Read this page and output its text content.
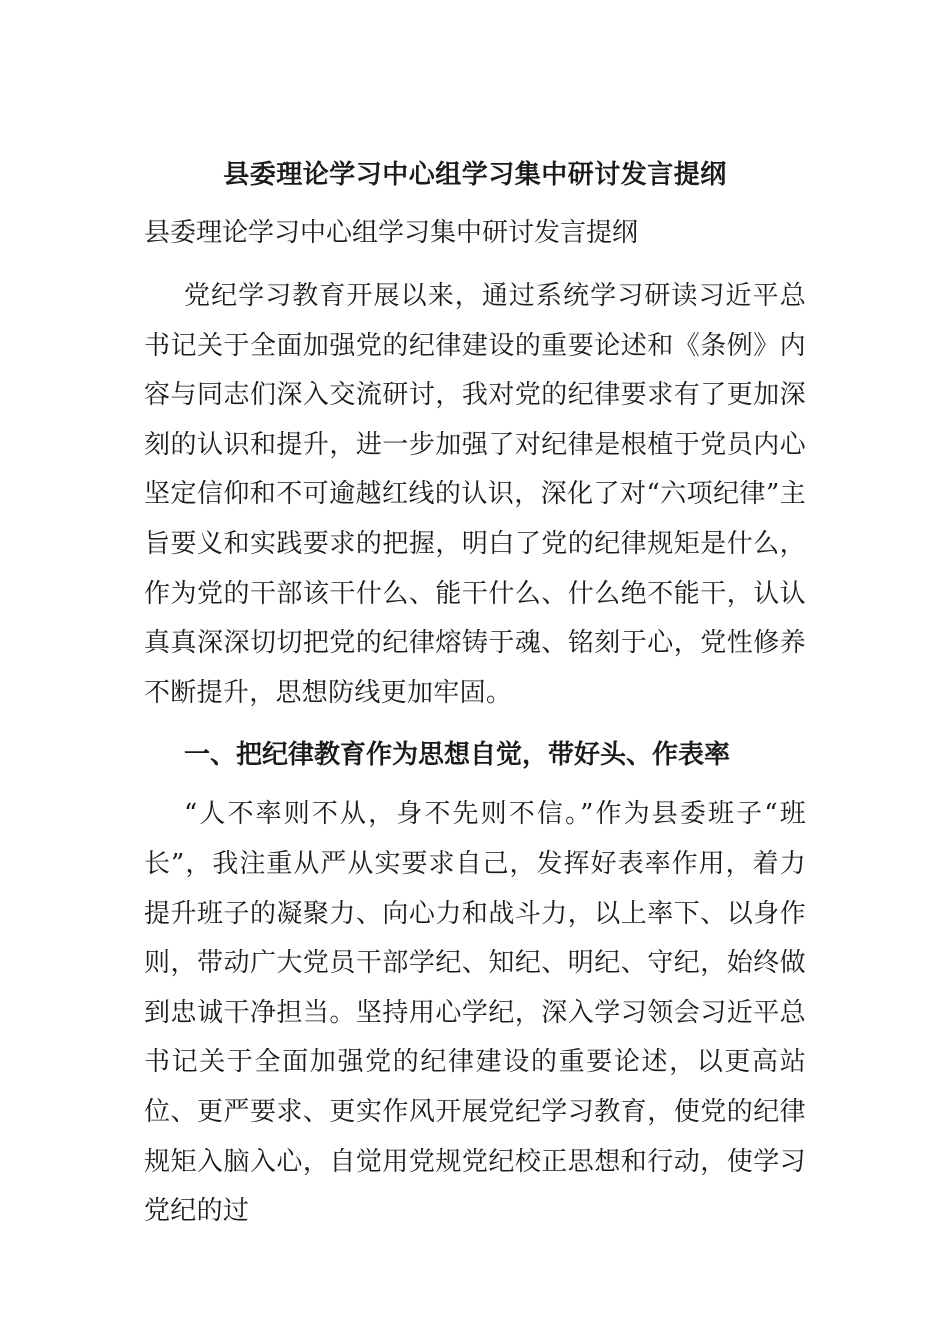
县委理论学习中心组学习集中研讨发言提纲
县委理论学习中心组学习集中研讨发言提纲

党纪学习教育开展以来，通过系统学习研读习近平总书记关于全面加强党的纪律建设的重要论述和《条例》内容与同志们深入交流研讨，我对党的纪律要求有了更加深刻的认识和提升，进一步加强了对纪律是根植于党员内心坚定信仰和不可逾越红线的认识，深化了对“六项纪律”主旨要义和实践要求的把握，明白了党的纪律规矩是什么，作为党的干部该干什么、能干什么、什么绝不能干，认认真真深深切切把党的纪律熔铸于魂、铭刻于心，党性修养不断提升，思想防线更加牢固。

一、把纪律教育作为思想自觉，带好头、作表率

“人不率则不从，身不先则不信。”作为县委班子“班长”，我注重从严从实要求自己，发挥好表率作用，着力提升班子的凝聚力、向心力和战斗力，以上率下、以身作则，带动广大党员干部学纪、知纪、明纪、守纪，始终做到忠诚干净担当。坚持用心学纪，深入学习领会习近平总书记关于全面加强党的纪律建设的重要论述，以更高站位、更严要求、更实作风开展党纪学习教育，使党的纪律规矩入脑入心，自觉用党规党纪校正思想和行动，使学习党纪的过
